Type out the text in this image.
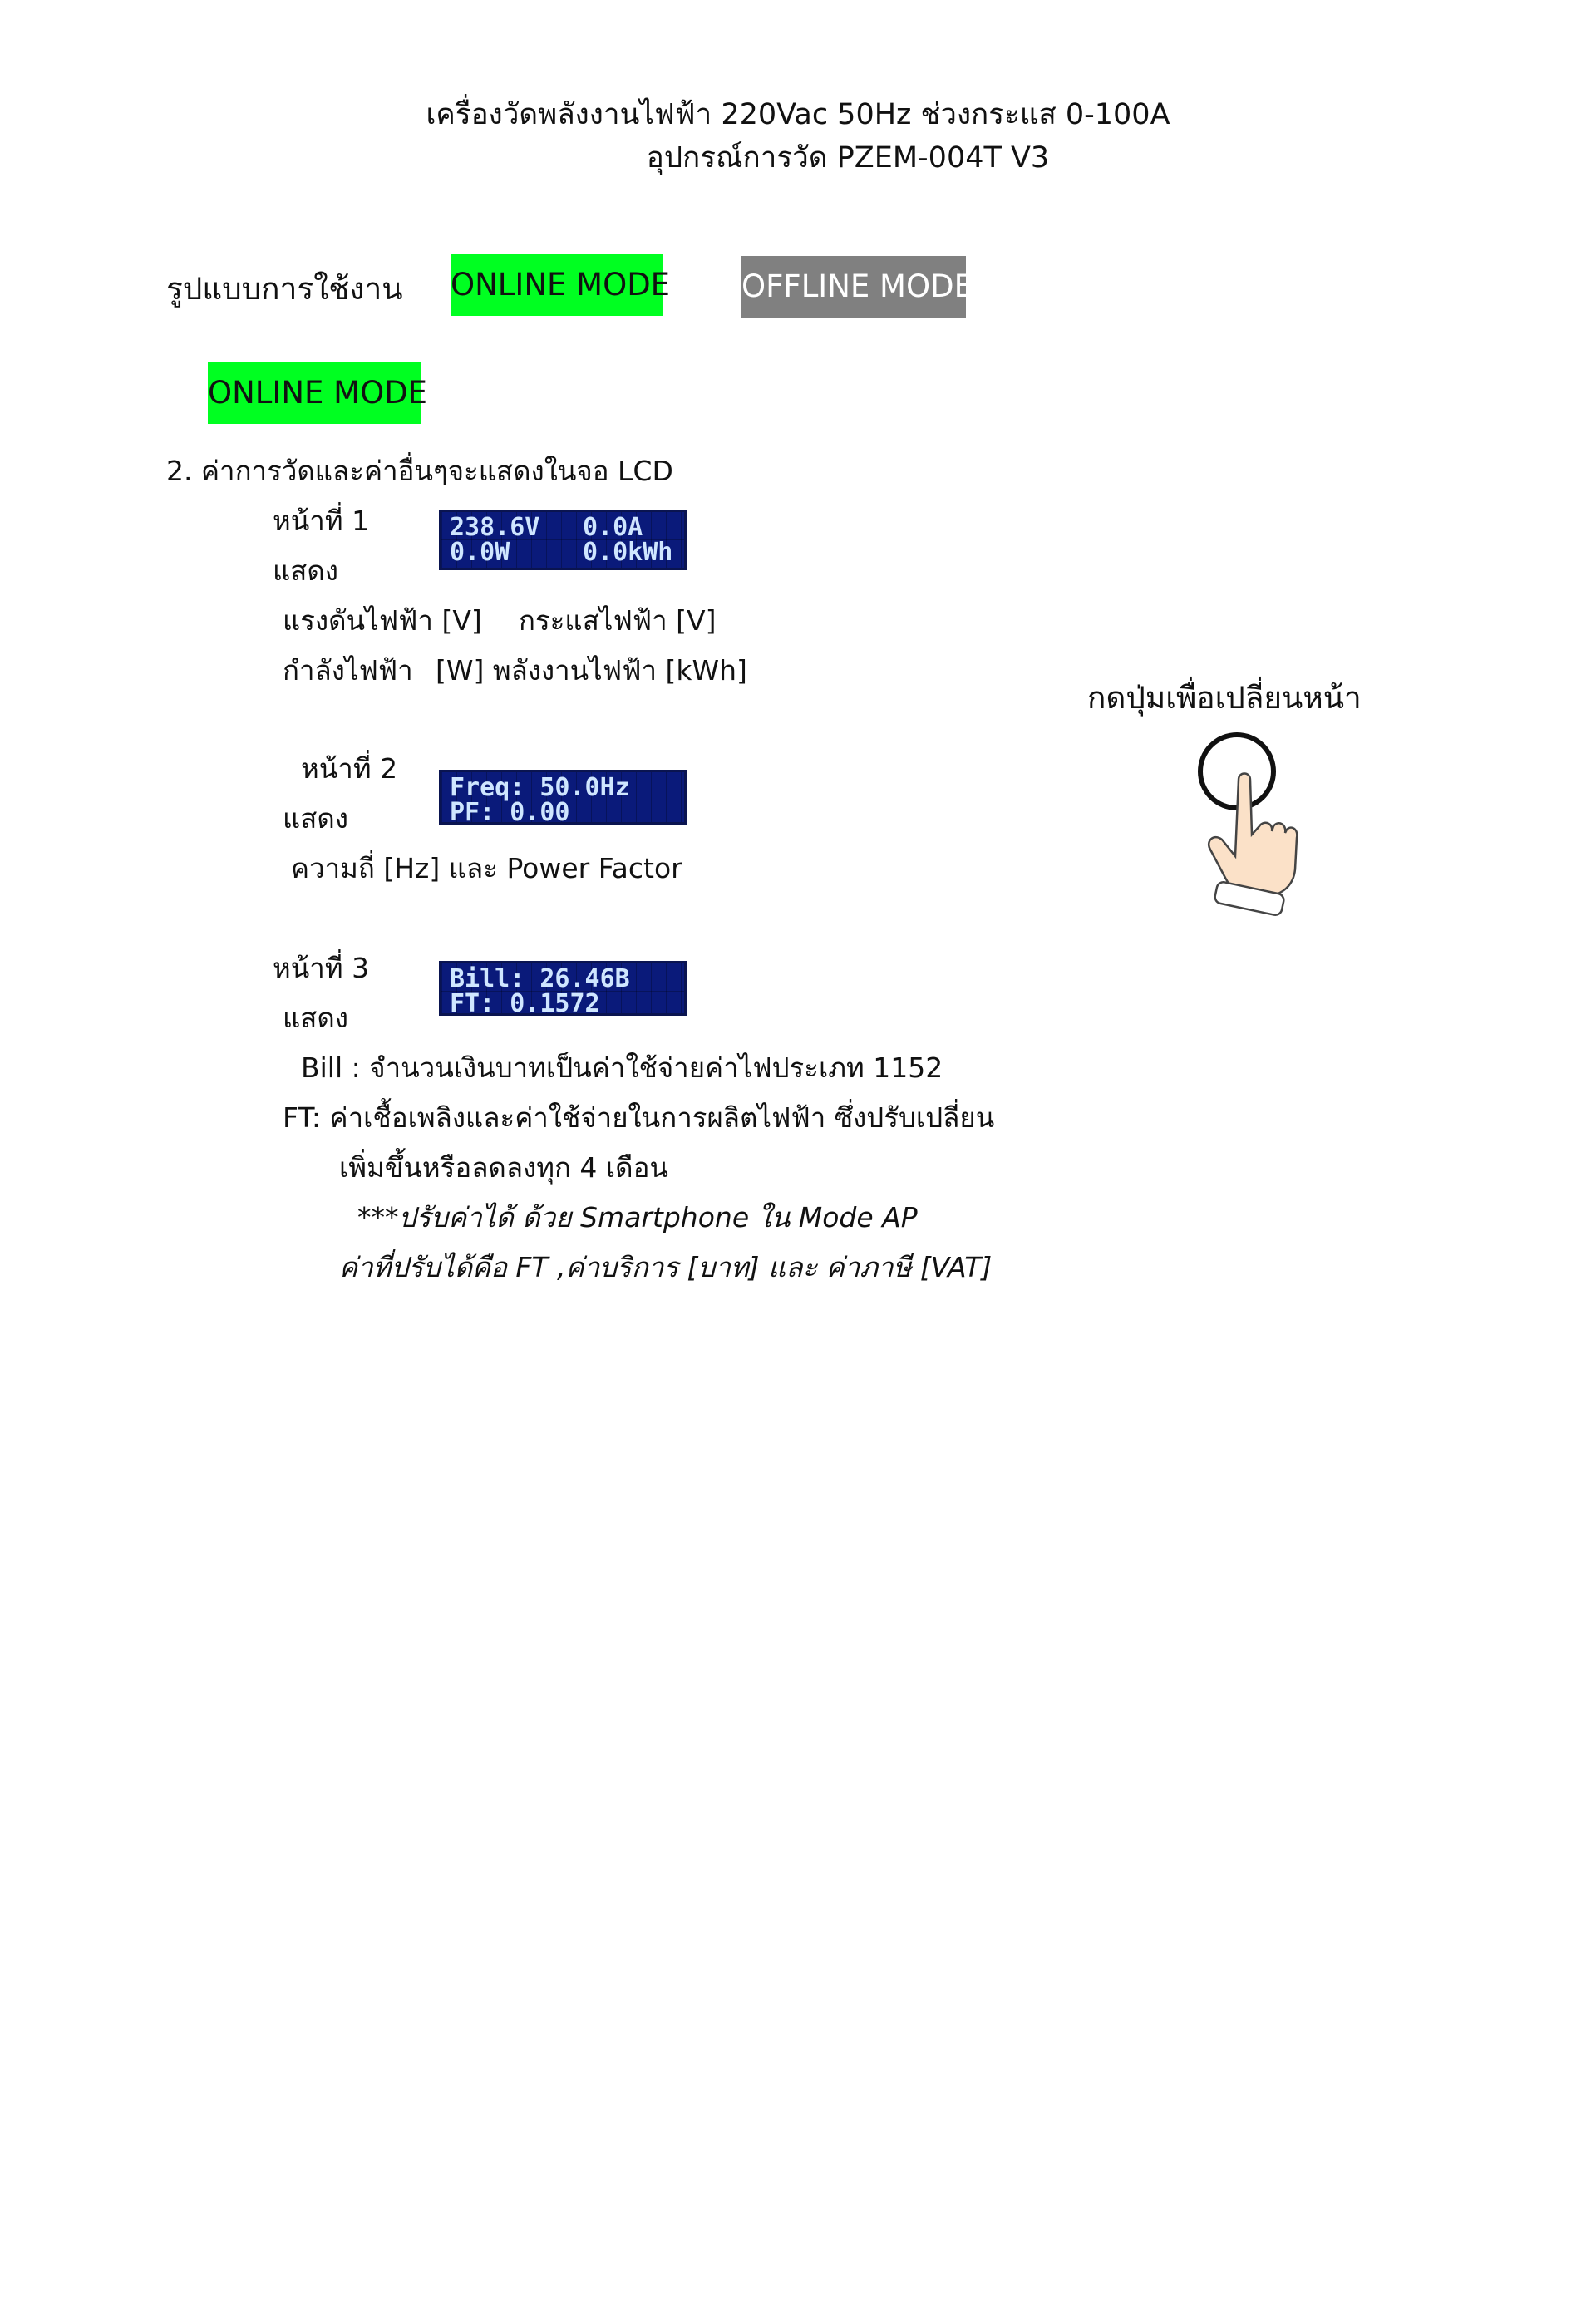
เครื่องวัดพลังงานไฟฟ้า 220Vac 50Hz ช่วงกระแส 0-100A
อุปกรณ์การวัด PZEM-004T V3
รูปแบบการใช้งาน ONLINE MODE OFFLINE MODE
ONLINE MODE
2. ค่าการวัดและค่าอื่นๆจะแสดงในจอ LCD
หน้าที่ 1
แสดง
238.6V	0.0A
0.0W	0.0kWh
แรงดันไฟฟ้า [V] กระแสไฟฟ้า [V]
กำลังไฟฟ้า [W] พลังงานไฟฟ้า [kWh]
กดปุ่มเพื่อเปลี่ยนหน้า
หน้าที่ 2
แสดง
Freq: 50.0Hz
PF: 0.00
ความถี่ [Hz] และ Power Factor
หน้าที่ 3
แสดง
Bill: 26.46B
FT: 0.1572
Bill : จำนวนเงินบาทเป็นค่าใช้จ่ายค่าไฟประเภท 1152
FT: ค่าเชื้อเพลิงและค่าใช้จ่ายในการผลิตไฟฟ้า ซึ่งปรับเปลี่ยน
เพิ่มขึ้นหรือลดลงทุก 4 เดือน
***ปรับค่าได้ ด้วย Smartphone ใน Mode AP
ค่าที่ปรับได้คือ FT ,ค่าบริการ [บาท] และ ค่าภาษี [VAT]
